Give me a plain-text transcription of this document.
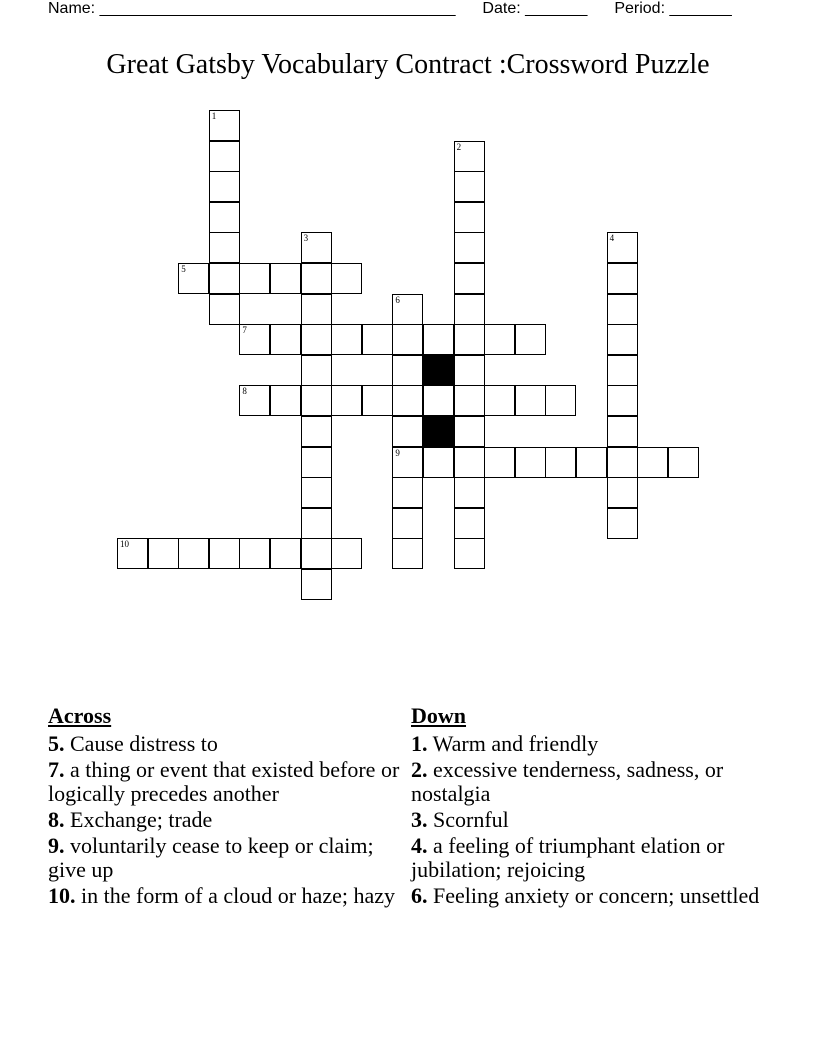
Name: ________________________________________ Date: _______ Period: _______
Great Gatsby Vocabulary Contract :Crossword Puzzle
1
2
3	4
5
6
9
7
8
10
Across
5. Cause distress to
7. a thing or event that existed before or logically precedes another
8. Exchange; trade
9. voluntarily cease to keep or claim; give up
10. in the form of a cloud or haze; hazy
Down
1. Warm and friendly
2. excessive tenderness, sadness, or nostalgia
3. Scornful
4. a feeling of triumphant elation or jubilation; rejoicing
6. Feeling anxiety or concern; unsettled
